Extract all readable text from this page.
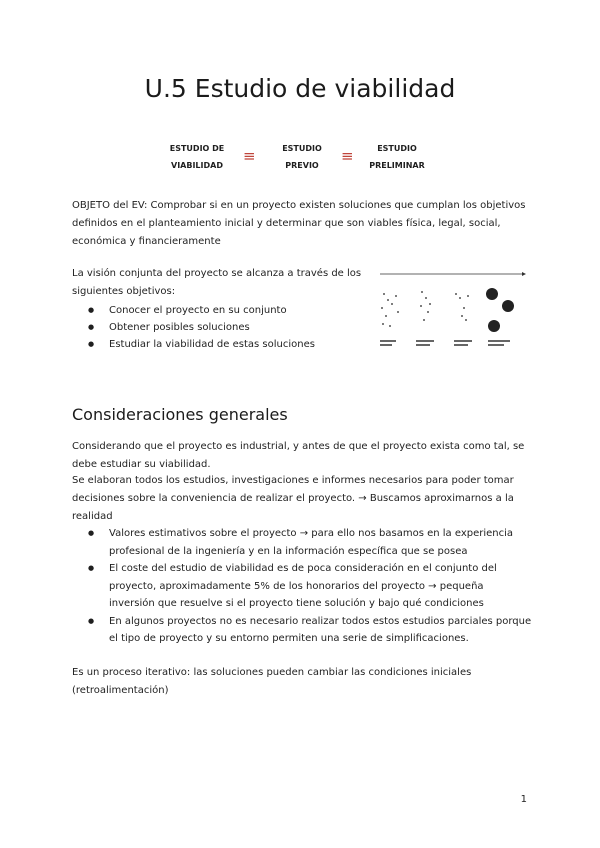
U.5 Estudio de viabilidad
ESTUDIO DE
VIABILIDAD
≡	ESTUDIO
PREVIO
≡	ESTUDIO
PRELIMINAR

OBJETO del EV: Comprobar si en un proyecto existen soluciones que cumplan los objetivos definidos en el planteamiento inicial y determinar que son viables física, legal, social, económica y financieramente

La visión conjunta del proyecto se alcanza a través de los

siguientes objetivos:

● Conocer el proyecto en su conjunto
● Obtener posibles soluciones
● Estudiar la viabilidad de estas soluciones
Consideraciones generales

Considerando que el proyecto es industrial, y antes de que el proyecto exista como tal, se debe estudiar su viabilidad.

Se elaboran todos los estudios, investigaciones e informes necesarios para poder tomar decisiones sobre la conveniencia de realizar el proyecto. → Buscamos aproximarnos a la realidad

● Valores estimativos sobre el proyecto → para ello nos basamos en la experiencia profesional de la ingeniería y en la información específica que se posea
● El coste del estudio de viabilidad es de poca consideración en el conjunto del proyecto, aproximadamente 5% de los honorarios del proyecto → pequeña inversión que resuelve si el proyecto tiene solución y bajo qué condiciones
● En algunos proyectos no es necesario realizar todos estos estudios parciales porque el tipo de proyecto y su entorno permiten una serie de simplificaciones.

Es un proceso iterativo: las soluciones pueden cambiar las condiciones iniciales (retroalimentación)

1
